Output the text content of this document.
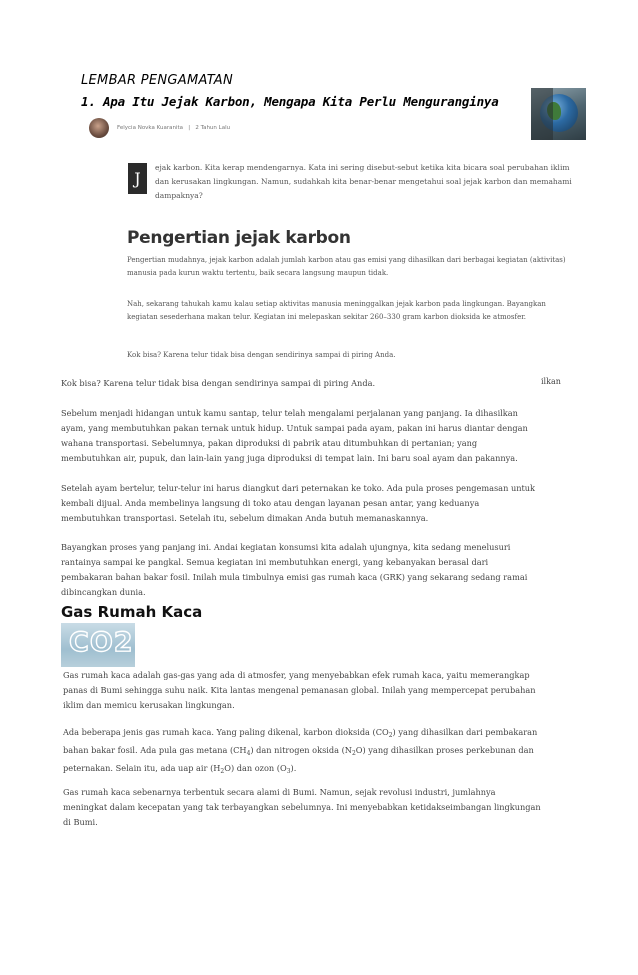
LEMBAR PENGAMATAN
1. Apa Itu Jejak Karbon, Mengapa Kita Perlu Menguranginya
Felycia Novka Kuaranita | 2 Tahun Lalu
J

ejak karbon. Kita kerap mendengarnya. Kata ini sering disebut-sebut ketika kita bicara soal perubahan iklim dan kerusakan lingkungan. Namun, sudahkah kita benar-benar mengetahui soal jejak karbon dan memahami dampaknya?

Pengertian jejak karbon

Pengertian mudahnya, jejak karbon adalah jumlah karbon atau gas emisi yang dihasilkan dari berbagai kegiatan (aktivitas) manusia pada kurun waktu tertentu, baik secara langsung maupun tidak.

Nah, sekarang tahukah kamu kalau setiap aktivitas manusia meninggalkan jejak karbon pada lingkungan. Bayangkan kegiatan sesederhana makan telur. Kegiatan ini melepaskan sekitar 260–330 gram karbon dioksida ke atmosfer.

Kok bisa? Karena telur tidak bisa dengan sendirinya sampai di piring Anda.

Kok bisa? Karena telur tidak bisa dengan sendirinya sampai di piring Anda.	ilkan

Sebelum menjadi hidangan untuk kamu santap, telur telah mengalami perjalanan yang panjang. Ia dihasilkan ayam, yang membutuhkan pakan ternak untuk hidup. Untuk sampai pada ayam, pakan ini harus diantar dengan wahana transportasi. Sebelumnya, pakan diproduksi di pabrik atau ditumbuhkan di pertanian; yang membutuhkan air, pupuk, dan lain-lain yang juga diproduksi di tempat lain. Ini baru soal ayam dan pakannya.

Setelah ayam bertelur, telur-telur ini harus diangkut dari peternakan ke toko. Ada pula proses pengemasan untuk kembali dijual. Anda membelinya langsung di toko atau dengan layanan pesan antar, yang keduanya membutuhkan transportasi. Setelah itu, sebelum dimakan Anda butuh memanaskannya.

Bayangkan proses yang panjang ini. Andai kegiatan konsumsi kita adalah ujungnya, kita sedang menelusuri rantainya sampai ke pangkal. Semua kegiatan ini membutuhkan energi, yang kebanyakan berasal dari pembakaran bahan bakar fosil. Inilah mula timbulnya emisi gas rumah kaca (GRK) yang sekarang sedang ramai dibincangkan dunia.

Gas Rumah Kaca
CO2

Gas rumah kaca adalah gas-gas yang ada di atmosfer, yang menyebabkan efek rumah kaca, yaitu memerangkap panas di Bumi sehingga suhu naik. Kita lantas mengenal pemanasan global. Inilah yang mempercepat perubahan iklim dan memicu kerusakan lingkungan.

Ada beberapa jenis gas rumah kaca. Yang paling dikenal, karbon dioksida $(CO_2)$ yang dihasilkan dari pembakaran bahan bakar fosil. Ada pula gas metana $(CH_4)$ dan nitrogen oksida $(N_2O)$ yang dihasilkan proses perkebunan dan peternakan. Selain itu, ada uap air $(H_2O)$ dan ozon $(O_3)$.

Gas rumah kaca sebenarnya terbentuk secara alami di Bumi. Namun, sejak revolusi industri, jumlahnya meningkat dalam kecepatan yang tak terbayangkan sebelumnya. Ini menyebabkan ketidakseimbangan lingkungan di Bumi.
